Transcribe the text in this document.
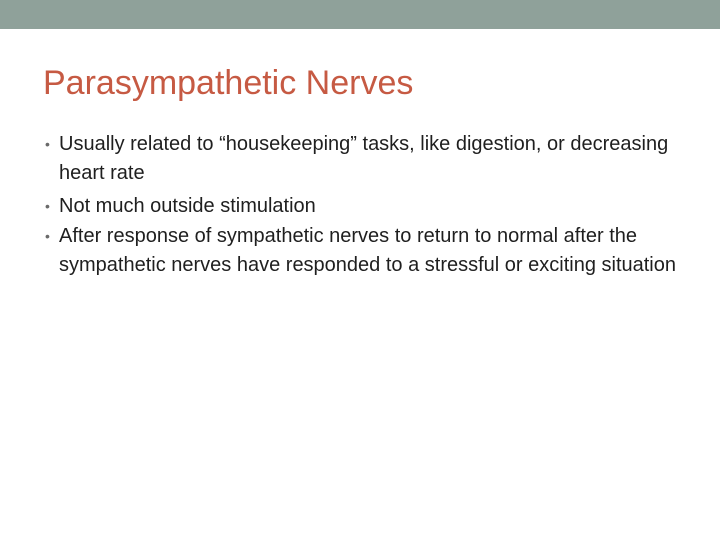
Parasympathetic Nerves
• Usually related to “housekeeping” tasks, like digestion, or decreasing heart rate
• Not much outside stimulation
• After response of sympathetic nerves to return to normal after the sympathetic nerves have responded to a stressful or exciting situation
